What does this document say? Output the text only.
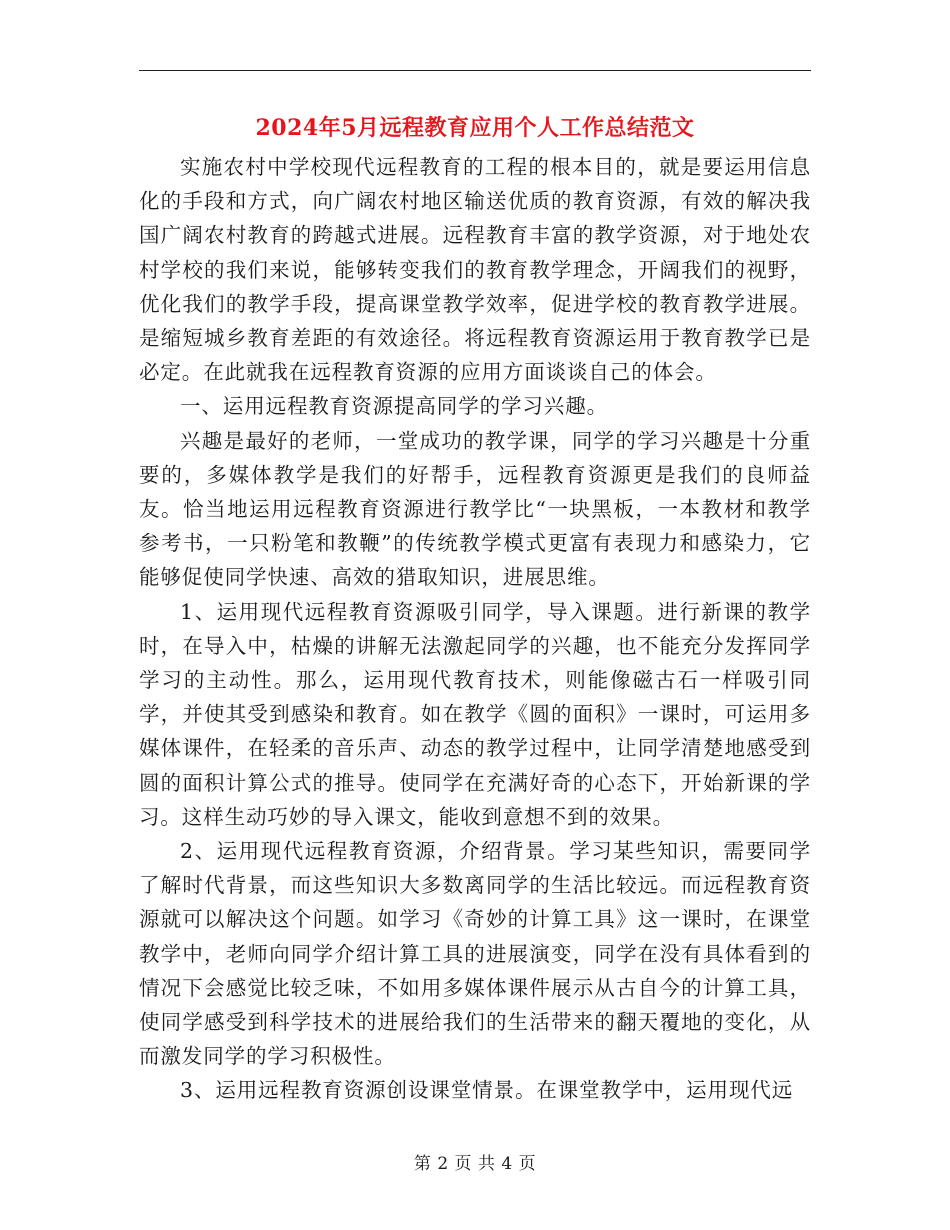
2024年5月远程教育应用个人工作总结范文

实施农村中学校现代远程教育的工程的根本目的，就是要运用信息化的手段和方式，向广阔农村地区输送优质的教育资源，有效的解决我国广阔农村教育的跨越式进展。远程教育丰富的教学资源，对于地处农村学校的我们来说，能够转变我们的教育教学理念，开阔我们的视野，优化我们的教学手段，提高课堂教学效率，促进学校的教育教学进展。是缩短城乡教育差距的有效途径。将远程教育资源运用于教育教学已是必定。在此就我在远程教育资源的应用方面谈谈自己的体会。

一、运用远程教育资源提高同学的学习兴趣。

兴趣是最好的老师，一堂成功的教学课，同学的学习兴趣是十分重要的，多媒体教学是我们的好帮手，远程教育资源更是我们的良师益友。恰当地运用远程教育资源进行教学比“一块黑板，一本教材和教学参考书，一只粉笔和教鞭”的传统教学模式更富有表现力和感染力，它能够促使同学快速、高效的猎取知识，进展思维。

1、运用现代远程教育资源吸引同学，导入课题。进行新课的教学时，在导入中，枯燥的讲解无法激起同学的兴趣，也不能充分发挥同学学习的主动性。那么，运用现代教育技术，则能像磁古石一样吸引同学，并使其受到感染和教育。如在教学《圆的面积》一课时，可运用多媒体课件，在轻柔的音乐声、动态的教学过程中，让同学清楚地感受到圆的面积计算公式的推导。使同学在充满好奇的心态下，开始新课的学习。这样生动巧妙的导入课文，能收到意想不到的效果。

2、运用现代远程教育资源，介绍背景。学习某些知识，需要同学了解时代背景，而这些知识大多数离同学的生活比较远。而远程教育资源就可以解决这个问题。如学习《奇妙的计算工具》这一课时，在课堂教学中，老师向同学介绍计算工具的进展演变，同学在没有具体看到的情况下会感觉比较乏味，不如用多媒体课件展示从古自今的计算工具，使同学感受到科学技术的进展给我们的生活带来的翻天覆地的变化，从而激发同学的学习积极性。

3、运用远程教育资源创设课堂情景。在课堂教学中，运用现代远

第 2 页 共 4 页
